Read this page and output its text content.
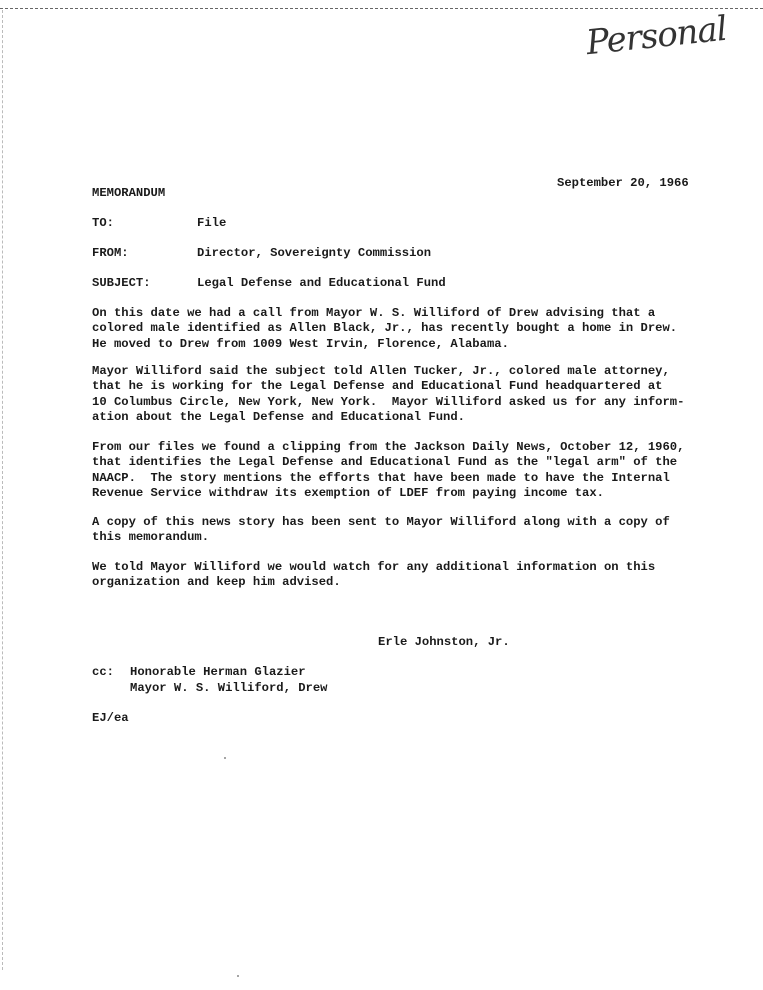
Personal
September 20, 1966
MEMORANDUM
TO:	File
FROM:	Director, Sovereignty Commission
SUBJECT:	Legal Defense and Educational Fund
On this date we had a call from Mayor W. S. Williford of Drew advising that a
colored male identified as Allen Black, Jr., has recently bought a home in Drew.
He moved to Drew from 1009 West Irvin, Florence, Alabama.
Mayor Williford said the subject told Allen Tucker, Jr., colored male attorney,
that he is working for the Legal Defense and Educational Fund headquartered at
10 Columbus Circle, New York, New York.  Mayor Williford asked us for any inform-
ation about the Legal Defense and Educational Fund.
From our files we found a clipping from the Jackson Daily News, October 12, 1960,
that identifies the Legal Defense and Educational Fund as the "legal arm" of the
NAACP.  The story mentions the efforts that have been made to have the Internal
Revenue Service withdraw its exemption of LDEF from paying income tax.
A copy of this news story has been sent to Mayor Williford along with a copy of
this memorandum.
We told Mayor Williford we would watch for any additional information on this
organization and keep him advised.
Erle Johnston, Jr.
cc: Honorable Herman Glazier
Mayor W. S. Williford, Drew
EJ/ea
